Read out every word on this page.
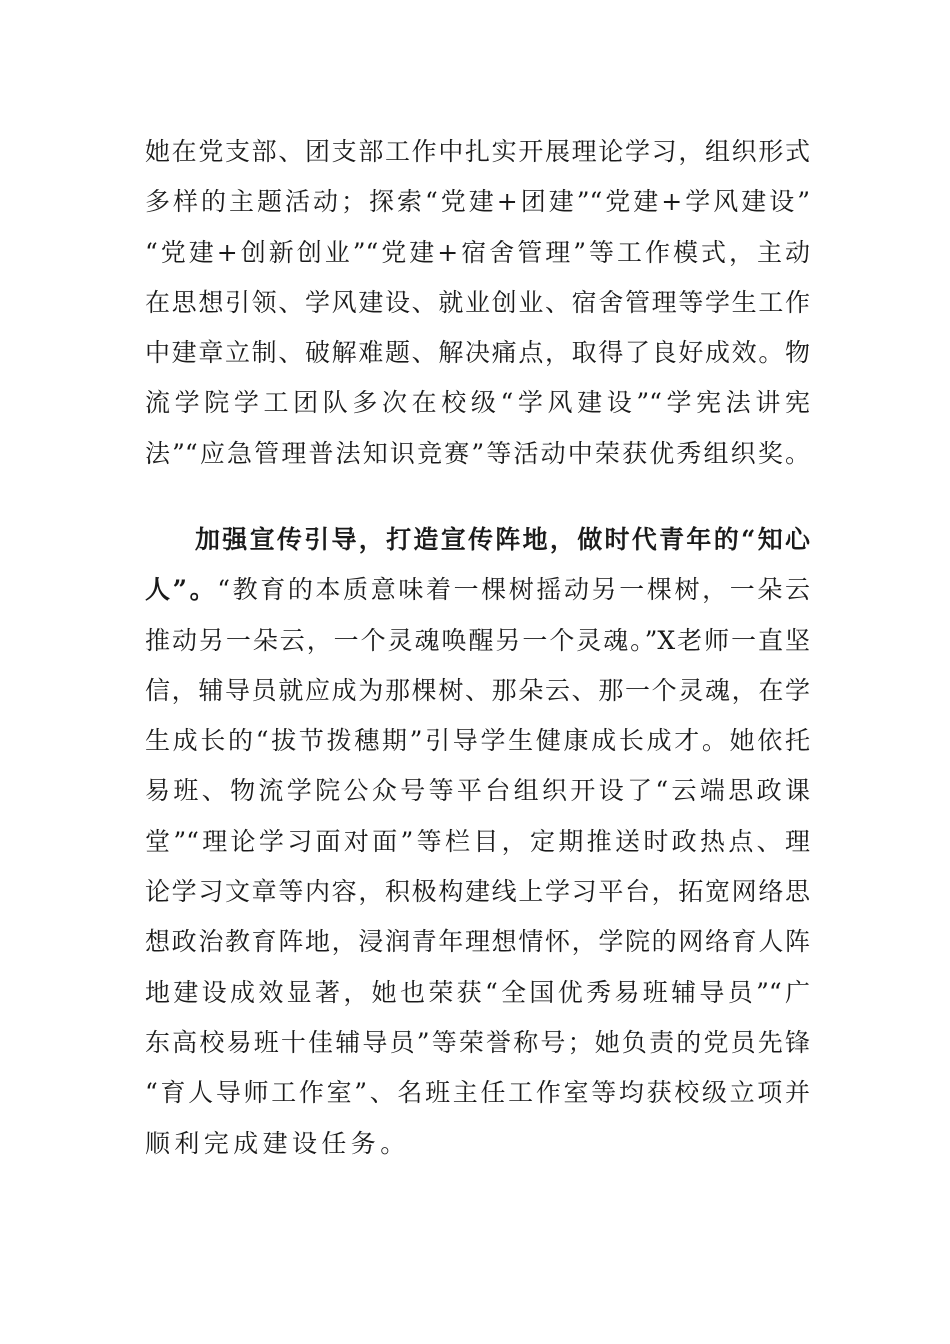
她在党支部、团支部工作中扎实开展理论学习，组织形式
多样的主题活动；探索“党建+团建”“党建+学风建设”
“党建+创新创业”“党建+宿舍管理”等工作模式，主动
在思想引领、学风建设、就业创业、宿舍管理等学生工作
中建章立制、破解难题、解决痛点，取得了良好成效。物
流学院学工团队多次在校级“学风建设”“学宪法讲宪
法”“应急管理普法知识竞赛”等活动中荣获优秀组织奖。
加强宣传引导，打造宣传阵地，做时代青年的“知心
人”。“教育的本质意味着一棵树摇动另一棵树，一朵云
推动另一朵云，一个灵魂唤醒另一个灵魂。”X老师一直坚
信，辅导员就应成为那棵树、那朵云、那一个灵魂，在学
生成长的“拔节拨穗期”引导学生健康成长成才。她依托
易班、物流学院公众号等平台组织开设了“云端思政课
堂”“理论学习面对面”等栏目，定期推送时政热点、理
论学习文章等内容，积极构建线上学习平台，拓宽网络思
想政治教育阵地，浸润青年理想情怀，学院的网络育人阵
地建设成效显著，她也荣获“全国优秀易班辅导员”“广
东高校易班十佳辅导员”等荣誉称号；她负责的党员先锋
“育人导师工作室”、名班主任工作室等均获校级立项并
顺利完成建设任务。
